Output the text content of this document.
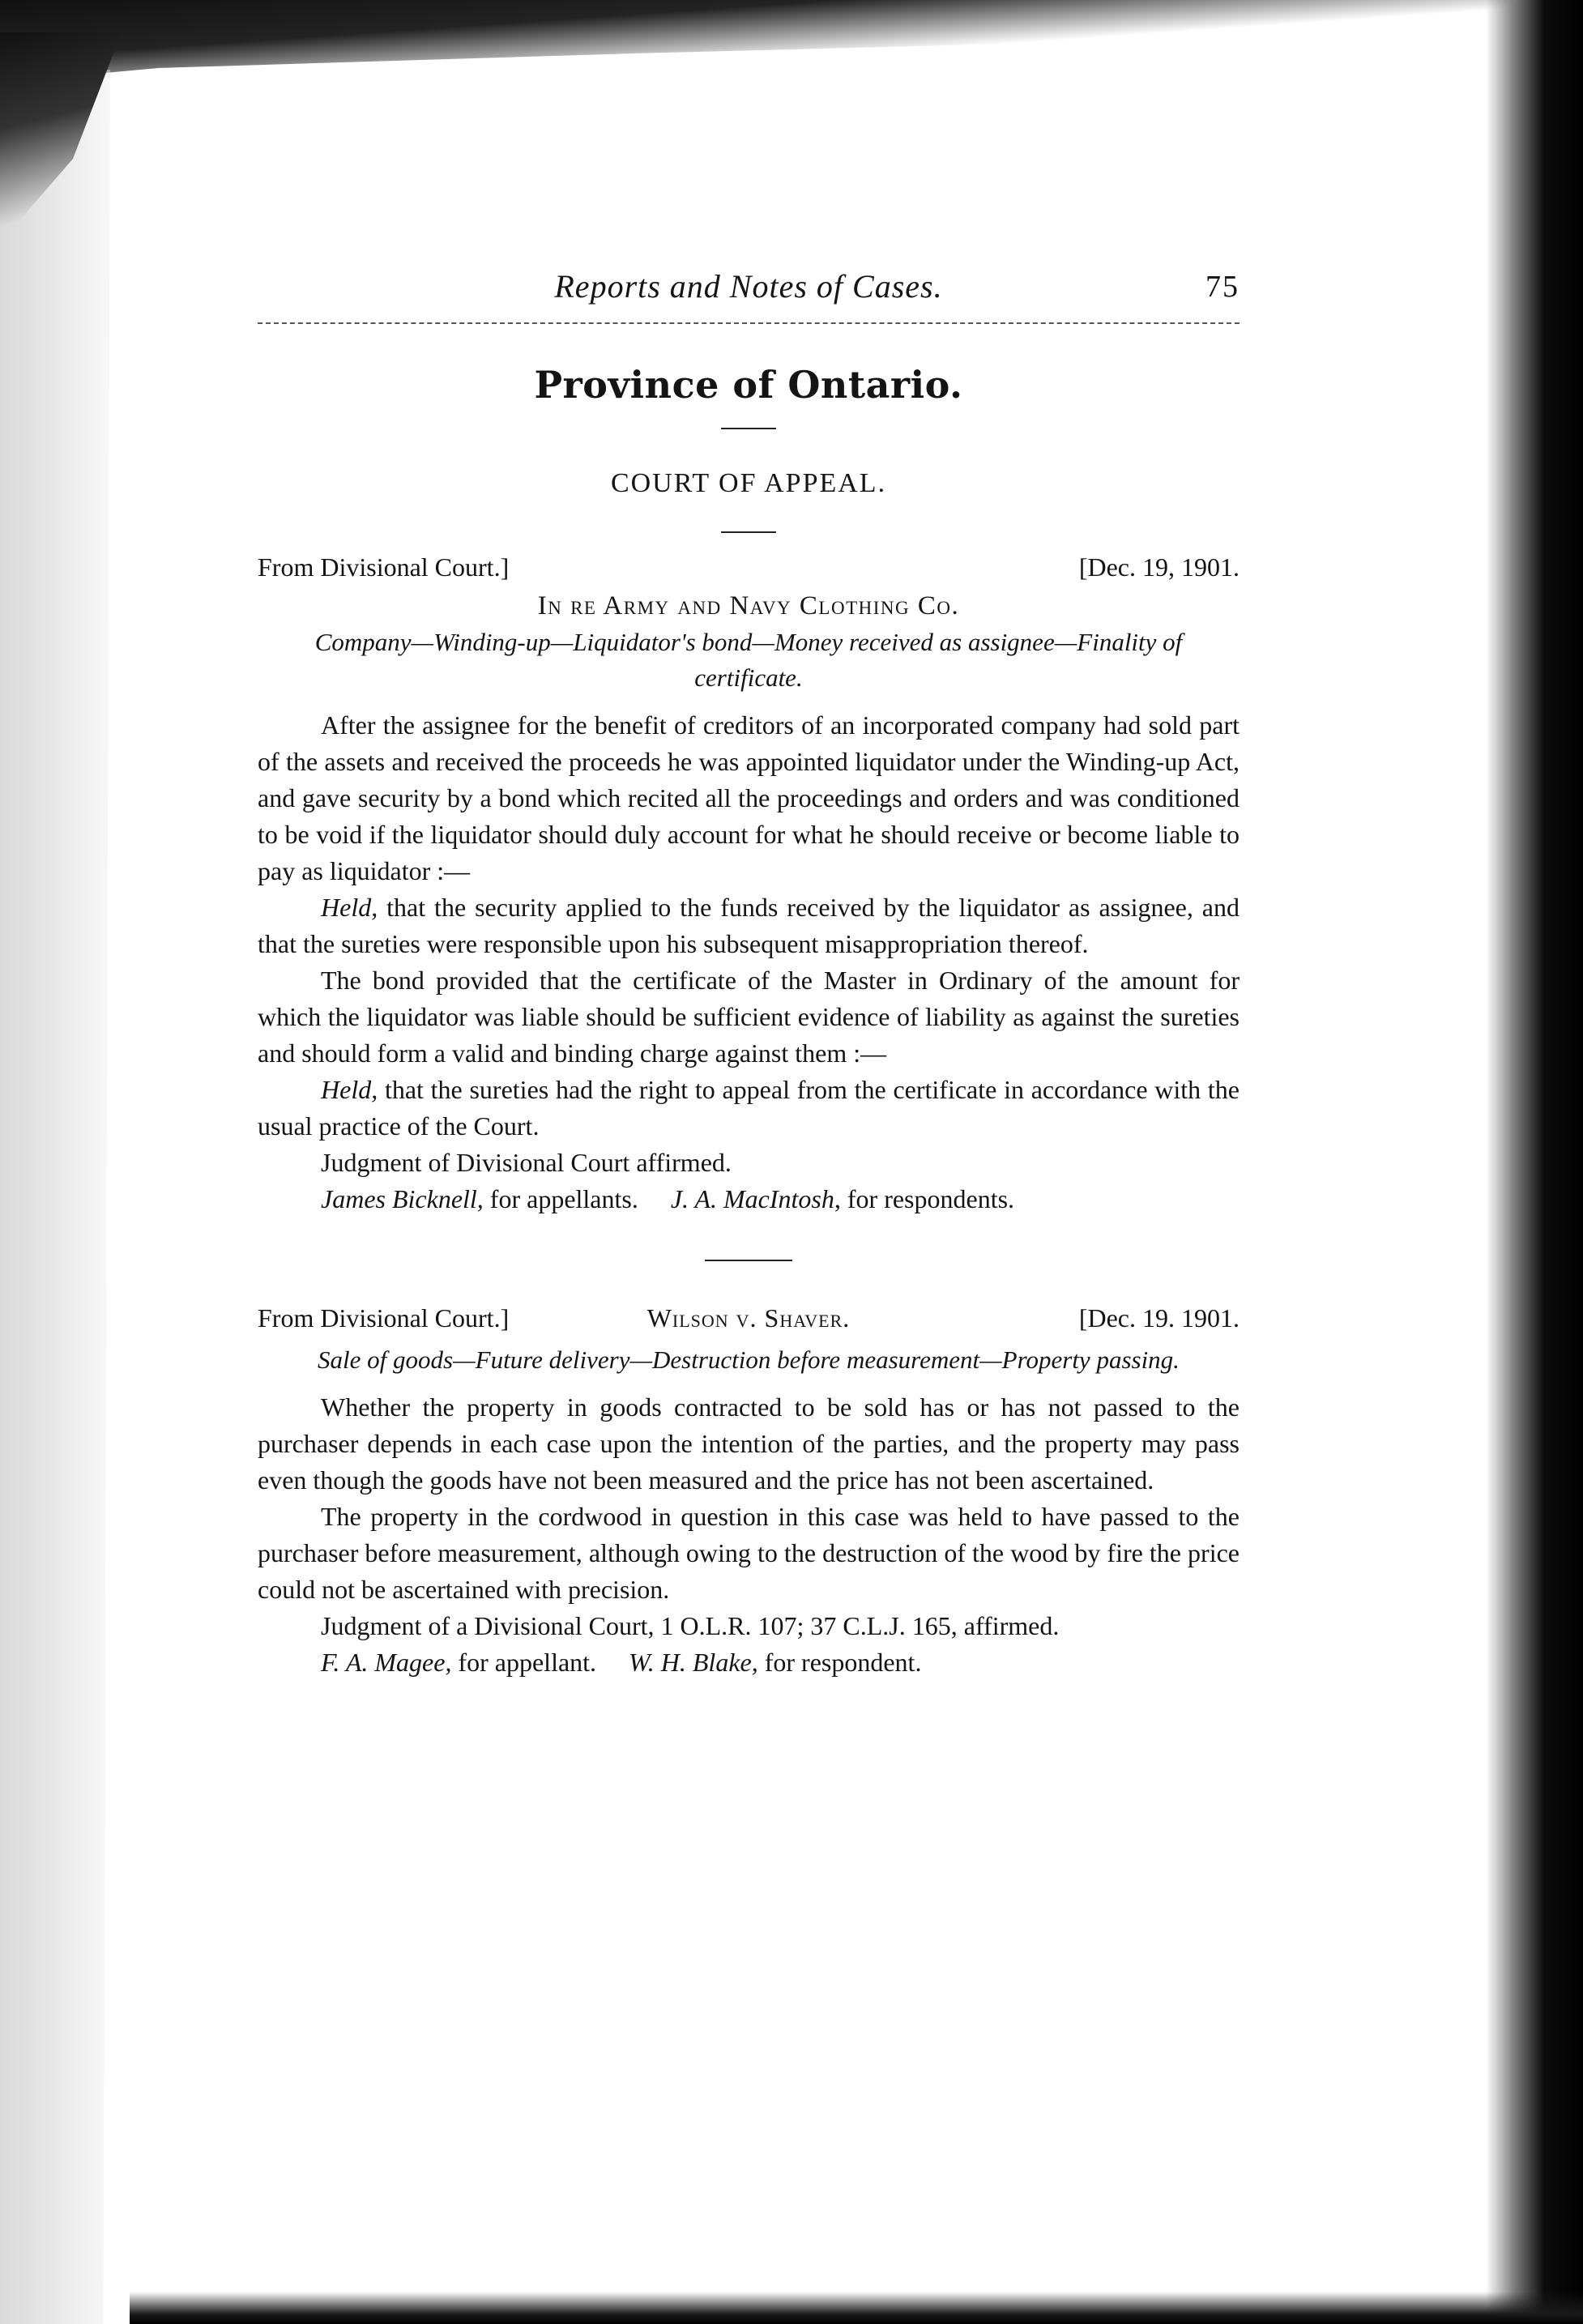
Reports and Notes of Cases.	75
Province of Ontario.
COURT OF APPEAL.
From Divisional Court.]	[Dec. 19, 1901.
In re Army and Navy Clothing Co.
Company—Winding-up—Liquidator's bond—Money received as assignee—Finality of certificate.

After the assignee for the benefit of creditors of an incorporated company had sold part of the assets and received the proceeds he was appointed liquidator under the Winding-up Act, and gave security by a bond which recited all the proceedings and orders and was conditioned to be void if the liquidator should duly account for what he should receive or become liable to pay as liquidator :—

Held, that the security applied to the funds received by the liquidator as assignee, and that the sureties were responsible upon his subsequent misappropriation thereof.

The bond provided that the certificate of the Master in Ordinary of the amount for which the liquidator was liable should be sufficient evidence of liability as against the sureties and should form a valid and binding charge against them :—

Held, that the sureties had the right to appeal from the certificate in accordance with the usual practice of the Court.

Judgment of Divisional Court affirmed.

James Bicknell, for appellants. J. A. MacIntosh, for respondents.
From Divisional Court.]	Wilson v. Shaver.	[Dec. 19. 1901.
Sale of goods—Future delivery—Destruction before measurement—Property passing.

Whether the property in goods contracted to be sold has or has not passed to the purchaser depends in each case upon the intention of the parties, and the property may pass even though the goods have not been measured and the price has not been ascertained.

The property in the cordwood in question in this case was held to have passed to the purchaser before measurement, although owing to the destruction of the wood by fire the price could not be ascertained with precision.

Judgment of a Divisional Court, 1 O.L.R. 107; 37 C.L.J. 165, affirmed.

F. A. Magee, for appellant. W. H. Blake, for respondent.
